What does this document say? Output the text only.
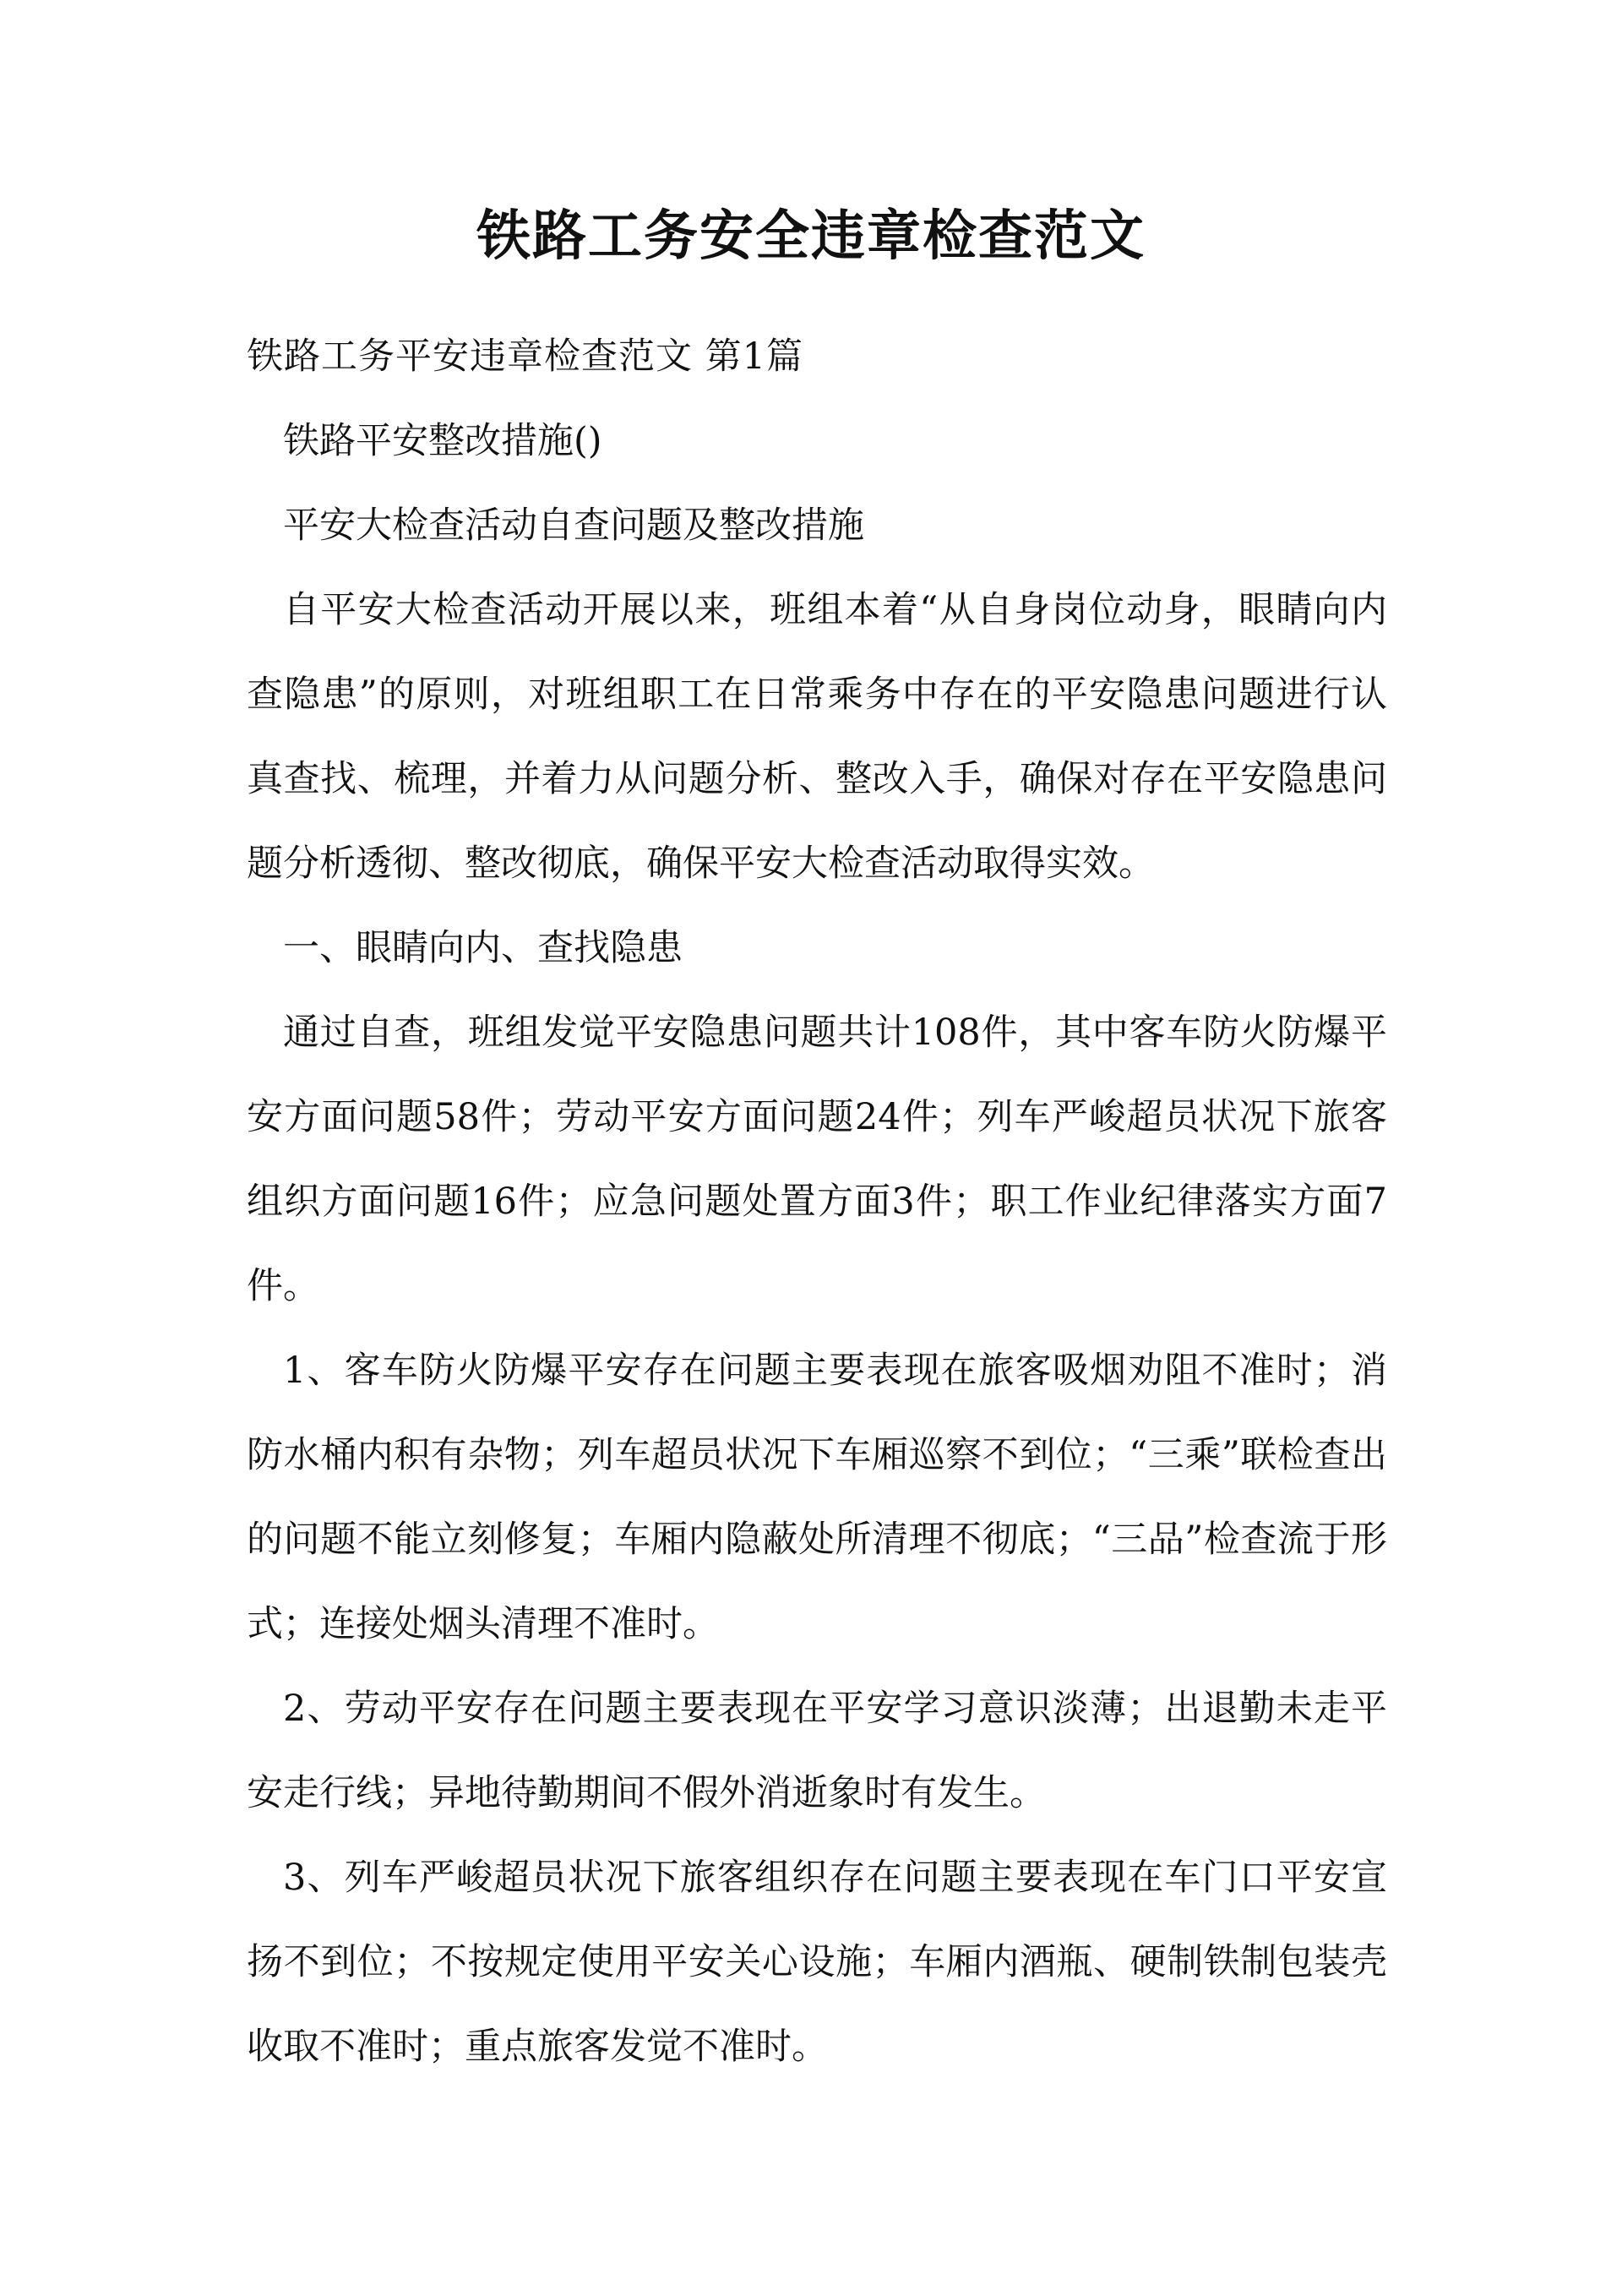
铁路工务安全违章检查范文

铁路工务平安违章检查范文 第1篇

铁路平安整改措施()

平安大检查活动自查问题及整改措施

自平安大检查活动开展以来，班组本着“从自身岗位动身，眼睛向内查隐患”的原则，对班组职工在日常乘务中存在的平安隐患问题进行认真查找、梳理，并着力从问题分析、整改入手，确保对存在平安隐患问题分析透彻、整改彻底，确保平安大检查活动取得实效。

一、眼睛向内、查找隐患

通过自查，班组发觉平安隐患问题共计108件，其中客车防火防爆平安方面问题58件；劳动平安方面问题24件；列车严峻超员状况下旅客组织方面问题16件；应急问题处置方面3件；职工作业纪律落实方面7件。

1、客车防火防爆平安存在问题主要表现在旅客吸烟劝阻不准时；消防水桶内积有杂物；列车超员状况下车厢巡察不到位；“三乘”联检查出的问题不能立刻修复；车厢内隐蔽处所清理不彻底；“三品”检查流于形式；连接处烟头清理不准时。

2、劳动平安存在问题主要表现在平安学习意识淡薄；出退勤未走平安走行线；异地待勤期间不假外消逝象时有发生。

3、列车严峻超员状况下旅客组织存在问题主要表现在车门口平安宣扬不到位；不按规定使用平安关心设施；车厢内酒瓶、硬制铁制包装壳收取不准时；重点旅客发觉不准时。
